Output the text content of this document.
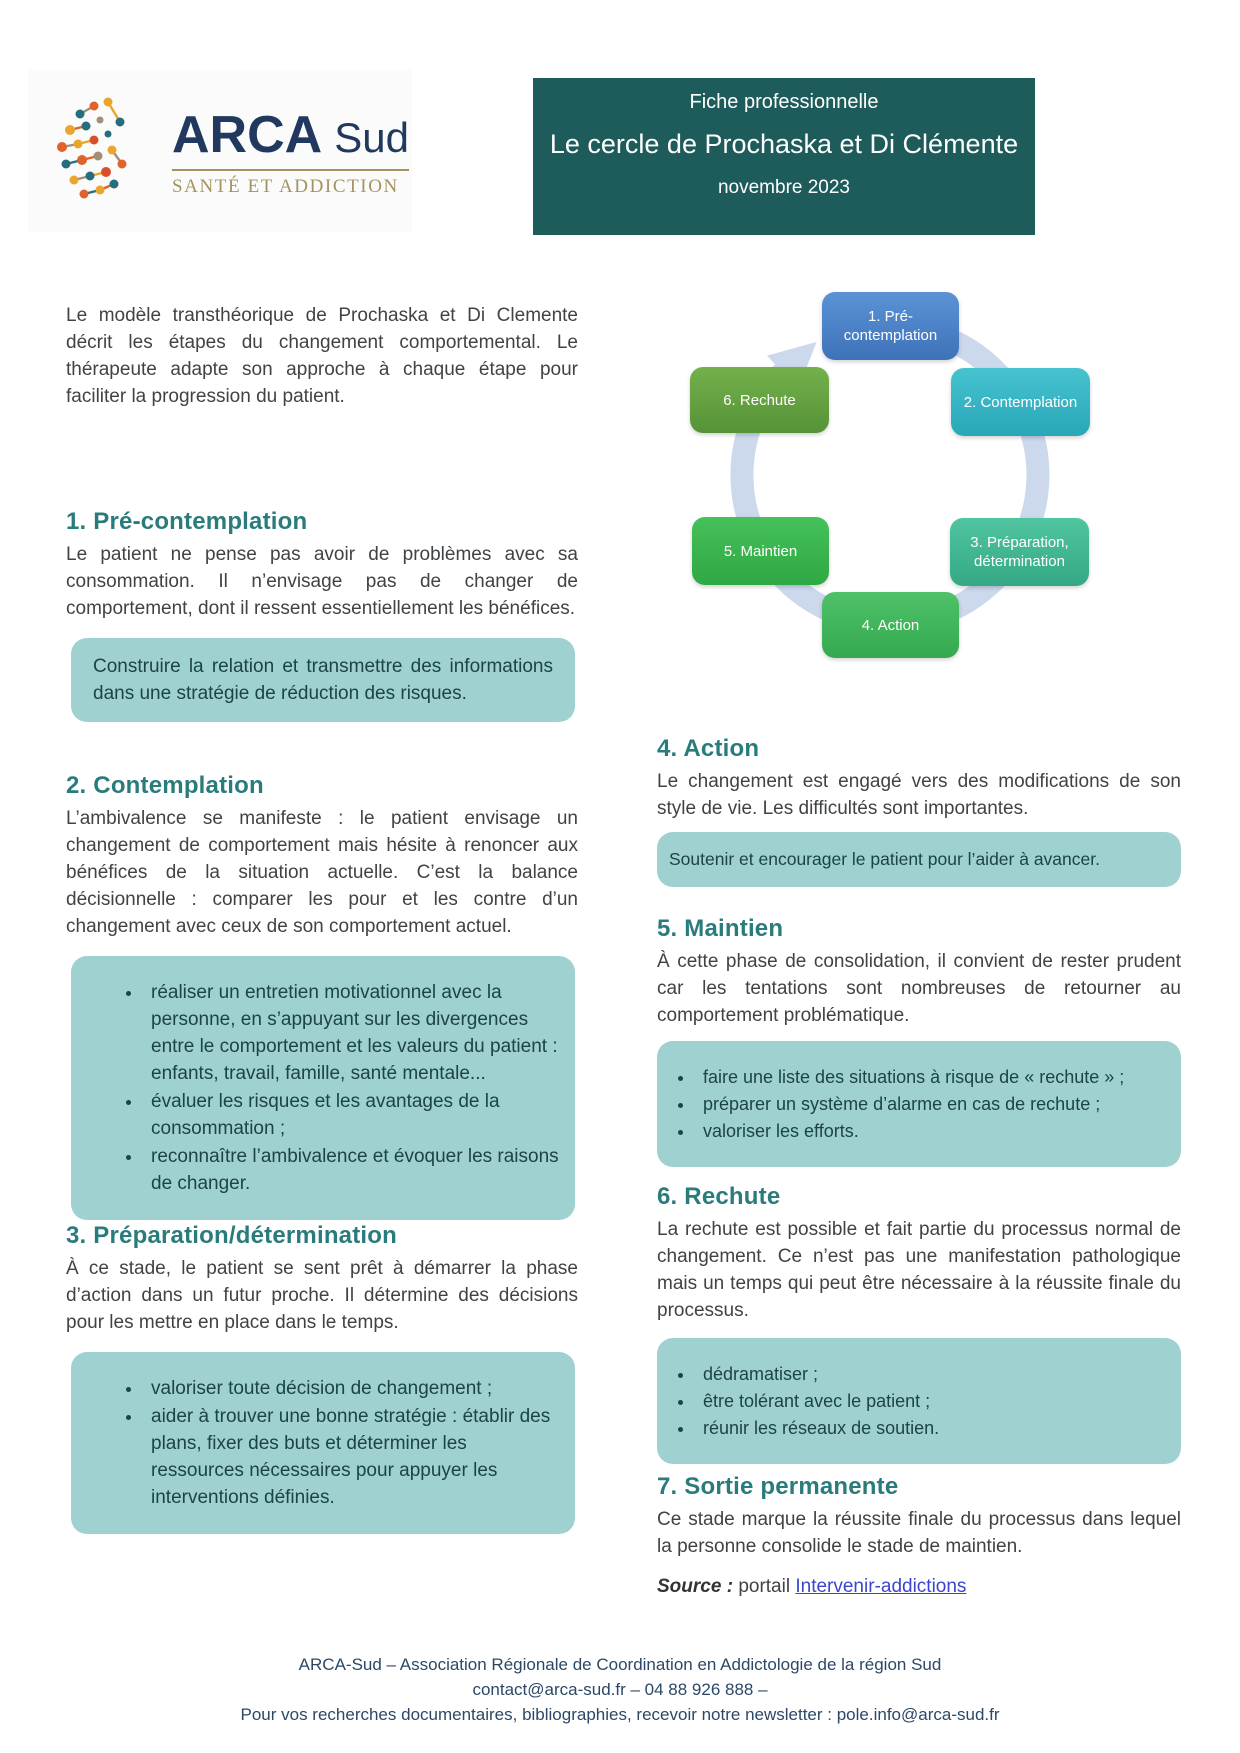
ARCA Sud
SANTÉ ET ADDICTION
Fiche professionnelle
Le cercle de Prochaska et Di Clémente
novembre 2023
1. Pré-contemplation
2. Contemplation
3. Préparation, détermination
4. Action
5. Maintien
6. Rechute

Le modèle transthéorique de Prochaska et Di Clemente décrit les étapes du changement comportemental. Le thérapeute adapte son approche à chaque étape pour faciliter la progression du patient.

1. Pré-contemplation

Le patient ne pense pas avoir de problèmes avec sa consommation. Il n’envisage pas de changer de comportement, dont il ressent essentiellement les bénéfices.

Construire la relation et transmettre des informations dans une stratégie de réduction des risques.
2. Contemplation

L’ambivalence se manifeste : le patient envisage un changement de comportement mais hésite à renoncer aux bénéfices de la situation actuelle. C’est la balance décisionnelle : comparer les pour et les contre d’un changement avec ceux de son comportement actuel.

• réaliser un entretien motivationnel avec la personne, en s’appuyant sur les divergences entre le comportement et les valeurs du patient : enfants, travail, famille, santé mentale...
• évaluer les risques et les avantages de la consommation ;
• reconnaître l’ambivalence et évoquer les raisons de changer.
3. Préparation/détermination

À ce stade, le patient se sent prêt à démarrer la phase d’action dans un futur proche. Il détermine des décisions pour les mettre en place dans le temps.

• valoriser toute décision de changement ;
• aider à trouver une bonne stratégie : établir des plans, fixer des buts et déterminer les ressources nécessaires pour appuyer les interventions définies.
4. Action

Le changement est engagé vers des modifications de son style de vie. Les difficultés sont importantes.

Soutenir et encourager le patient pour l’aider à avancer.
5. Maintien

À cette phase de consolidation, il convient de rester prudent car les tentations sont nombreuses de retourner au comportement problématique.

• faire une liste des situations à risque de « rechute » ;
• préparer un système d’alarme en cas de rechute ;
• valoriser les efforts.
6. Rechute

La rechute est possible et fait partie du processus normal de changement. Ce n’est pas une manifestation pathologique mais un temps qui peut être nécessaire à la réussite finale du processus.

• dédramatiser ;
• être tolérant avec le patient ;
• réunir les réseaux de soutien.
7. Sortie permanente

Ce stade marque la réussite finale du processus dans lequel la personne consolide le stade de maintien.

Source : portail Intervenir-addictions
ARCA-Sud – Association Régionale de Coordination en Addictologie de la région Sud
contact@arca-sud.fr – 04 88 926 888 –
Pour vos recherches documentaires, bibliographies, recevoir notre newsletter : pole.info@arca-sud.fr
